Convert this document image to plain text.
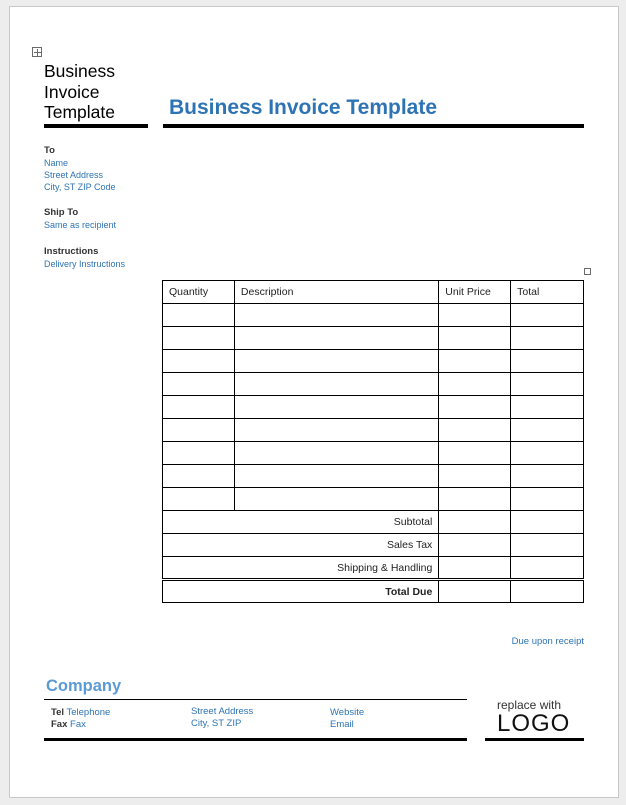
Business
Invoice
Template	Business Invoice Template
To
Name
Street Address
City, ST ZIP Code
Ship To
Same as recipient
Instructions
Delivery Instructions
Quantity	Description	Unit Price	Total

Subtotal			
Sales Tax			
Shipping & Handling			
Total Due			
Due upon receipt
Company
Tel Telephone
Fax Fax
Street Address
City, ST ZIP
Website
Email
replace with
LOGO
